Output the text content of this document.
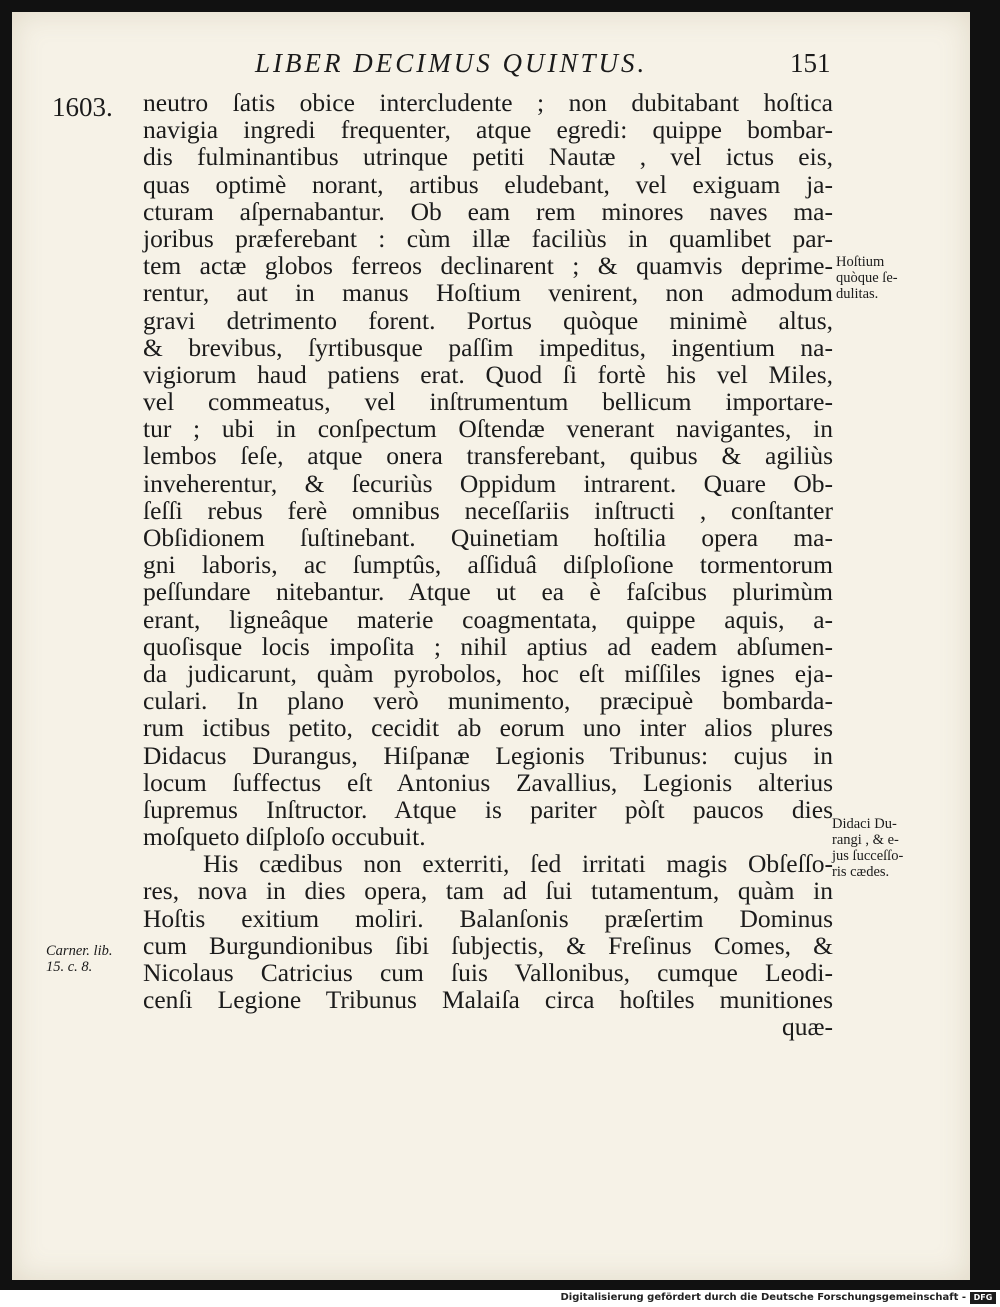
LIBER DECIMUS QUINTUS.	151
1603. neutro ſatis obice intercludente ; non dubitabant hoſtica
navigia ingredi frequenter, atque egredi: quippe bombar-
dis fulminantibus utrinque petiti Nautæ , vel ictus eis,
quas optimè norant, artibus eludebant, vel exiguam ja-
cturam aſpernabantur. Ob eam rem minores naves ma-
joribus præferebant : cùm illæ faciliùs in quamlibet par-
tem actæ globos ferreos declinarent ; & quamvis deprime-
rentur, aut in manus Hoſtium venirent, non admodum
gravi detrimento forent. Portus quòque minimè altus,
& brevibus, ſyrtibusque paſſim impeditus, ingentium na-
vigiorum haud patiens erat. Quod ſi fortè his vel Miles,
vel commeatus, vel inſtrumentum bellicum importare-
tur ; ubi in conſpectum Oſtendæ venerant navigantes, in
lembos ſeſe, atque onera transferebant, quibus & agiliùs
inveherentur, & ſecuriùs Oppidum intrarent. Quare Ob-
ſeſſi rebus ferè omnibus neceſſariis inſtructi , conſtanter
Obſidionem ſuſtinebant. Quinetiam hoſtilia opera ma-
gni laboris, ac ſumptûs, aſſiduâ diſploſione tormentorum
peſſundare nitebantur. Atque ut ea è faſcibus plurimùm
erant, ligneâque materie coagmentata, quippe aquis, a-
quoſisque locis impoſita ; nihil aptius ad eadem abſumen-
da judicarunt, quàm pyrobolos, hoc eſt miſſiles ignes eja-
culari. In plano verò munimento, præcipuè bombarda-
rum ictibus petito, cecidit ab eorum uno inter alios plures
Didacus Durangus, Hiſpanæ Legionis Tribunus: cujus in
locum ſuffectus eſt Antonius Zavallius, Legionis alterius
ſupremus Inſtructor. Atque is pariter pòſt paucos dies
moſqueto diſploſo occubuit.
His cædibus non exterriti, ſed irritati magis Obſeſſo-
res, nova in dies opera, tam ad ſui tutamentum, quàm in
Hoſtis exitium moliri. Balanſonis præſertim Dominus
cum Burgundionibus ſibi ſubjectis, & Freſinus Comes, &
Nicolaus Catricius cum ſuis Vallonibus, cumque Leodi-
cenſi Legione Tribunus Malaiſa circa hoſtiles munitiones
quæ-
Hoſtium
quòque ſe-
dulitas.
Didaci Du-
rangi , & e-
jus ſucceſſo-
ris cædes.
Carner. lib.
15. c. 8.
Digitalisierung gefördert durch die Deutsche Forschungsgemeinschaft - DFG
